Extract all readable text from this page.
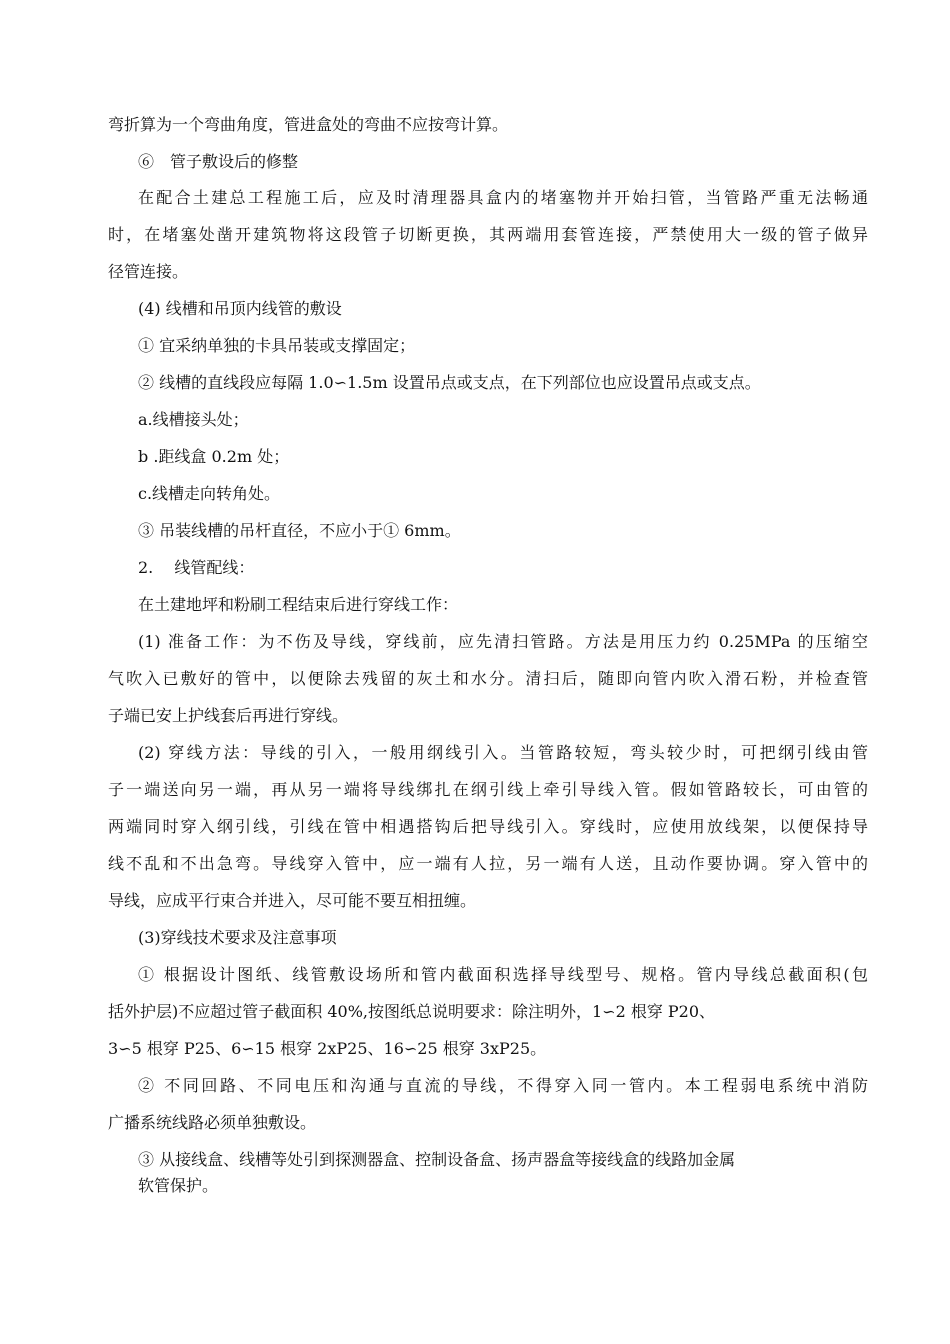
弯折算为一个弯曲角度，管进盒处的弯曲不应按弯计算。
⑥　管子敷设后的修整
在配合土建总工程施工后，应及时清理器具盒内的堵塞物并开始扫管，当管路严重无法畅通
时，在堵塞处凿开建筑物将这段管子切断更换，其两端用套管连接，严禁使用大一级的管子做异
径管连接。
(4) 线槽和吊顶内线管的敷设
① 宜采纳单独的卡具吊装或支撑固定；
② 线槽的直线段应每隔 1.0∽1.5m 设置吊点或支点，在下列部位也应设置吊点或支点。
a.线槽接头处；
b .距线盒 0.2m 处；
c.线槽走向转角处。
③ 吊装线槽的吊杆直径，不应小于① 6mm。
2.　 线管配线：
在土建地坪和粉刷工程结束后进行穿线工作：
(1) 准备工作：为不伤及导线，穿线前，应先清扫管路。方法是用压力约 0.25MPa 的压缩空
气吹入已敷好的管中，以便除去残留的灰土和水分。清扫后，随即向管内吹入滑石粉，并检查管
子端已安上护线套后再进行穿线。
(2) 穿线方法：导线的引入，一般用纲线引入。当管路较短，弯头较少时，可把纲引线由管
子一端送向另一端，再从另一端将导线绑扎在纲引线上牵引导线入管。假如管路较长，可由管的
两端同时穿入纲引线，引线在管中相遇搭钩后把导线引入。穿线时，应使用放线架，以便保持导
线不乱和不出急弯。导线穿入管中，应一端有人拉，另一端有人送，且动作要协调。穿入管中的
导线，应成平行束合并进入，尽可能不要互相扭缠。
(3)穿线技术要求及注意事项
① 根据设计图纸、线管敷设场所和管内截面积选择导线型号、规格。管内导线总截面积(包
括外护层)不应超过管子截面积 40%,按图纸总说明要求：除注明外，1∽2 根穿 P20、
3∽5 根穿 P25、6∽15 根穿 2xP25、16∽25 根穿 3xP25。
② 不同回路、不同电压和沟通与直流的导线，不得穿入同一管内。本工程弱电系统中消防
广播系统线路必须单独敷设。
③ 从接线盒、线槽等处引到探测器盒、控制设备盒、扬声器盒等接线盒的线路加金属
软管保护。
